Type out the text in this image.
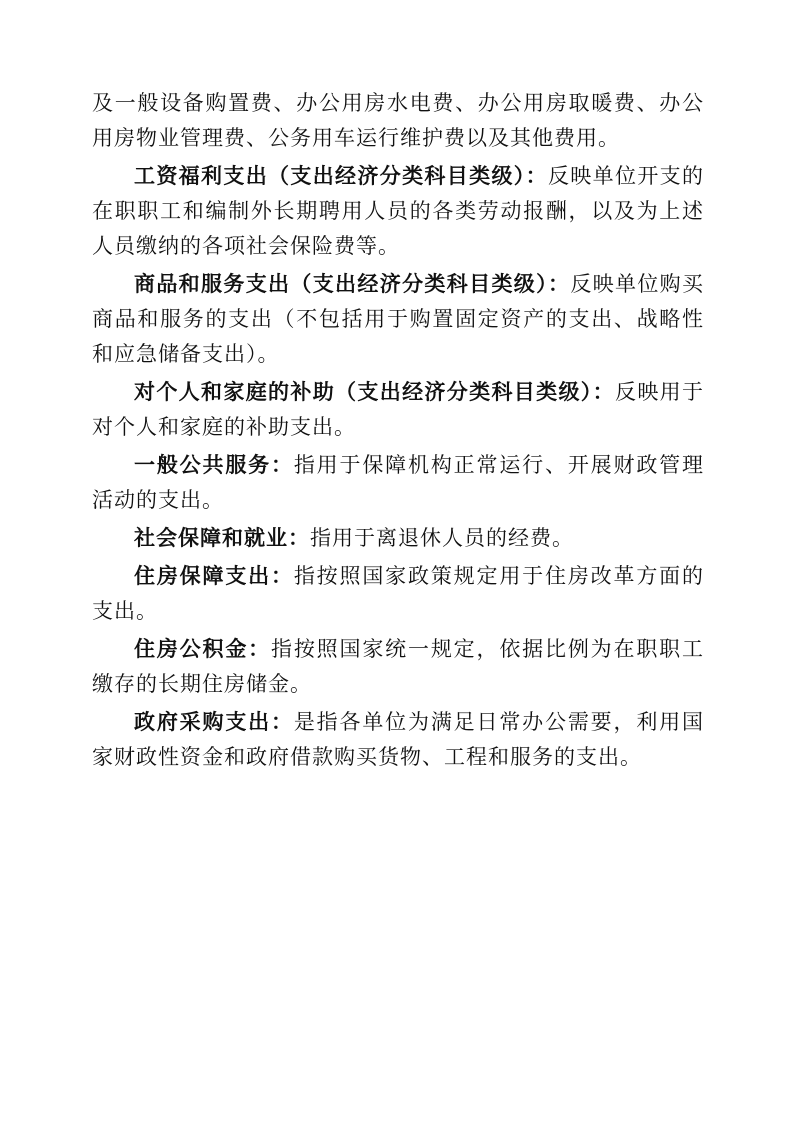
及一般设备购置费、办公用房水电费、办公用房取暖费、办公用房物业管理费、公务用车运行维护费以及其他费用。

工资福利支出（支出经济分类科目类级）：反映单位开支的在职职工和编制外长期聘用人员的各类劳动报酬，以及为上述人员缴纳的各项社会保险费等。

商品和服务支出（支出经济分类科目类级）：反映单位购买商品和服务的支出（不包括用于购置固定资产的支出、战略性和应急储备支出）。

对个人和家庭的补助（支出经济分类科目类级）：反映用于对个人和家庭的补助支出。

一般公共服务：指用于保障机构正常运行、开展财政管理活动的支出。

社会保障和就业：指用于离退休人员的经费。

住房保障支出：指按照国家政策规定用于住房改革方面的支出。

住房公积金：指按照国家统一规定，依据比例为在职职工缴存的长期住房储金。

政府采购支出：是指各单位为满足日常办公需要，利用国家财政性资金和政府借款购买货物、工程和服务的支出。
